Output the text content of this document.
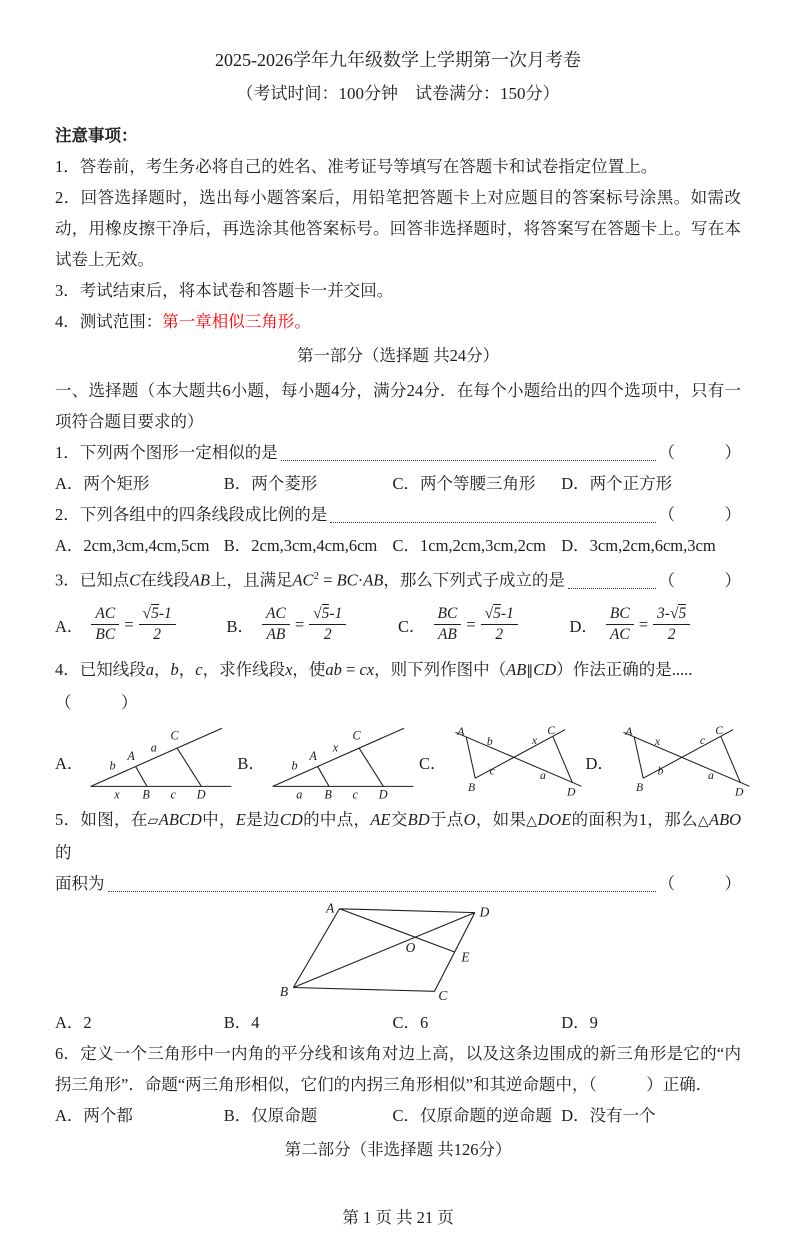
2025-2026学年九年级数学上学期第一次月考卷
（考试时间：100分钟　试卷满分：150分）
注意事项：
1．答卷前，考生务必将自己的姓名、准考证号等填写在答题卡和试卷指定位置上。
2．回答选择题时，选出每小题答案后，用铅笔把答题卡上对应题目的答案标号涂黑。如需改动，用橡皮擦干净后，再选涂其他答案标号。回答非选择题时，将答案写在答题卡上。写在本试卷上无效。
3．考试结束后，将本试卷和答题卡一并交回。
4．测试范围：第一章相似三角形。
第一部分（选择题 共24分）
一、选择题（本大题共6小题，每小题4分，满分24分．在每个小题给出的四个选项中，只有一项符合题目要求的）
1．下列两个图形一定相似的是	（　　　）
A．两个矩形	B．两个菱形	C．两个等腰三角形	D．两个正方形
2．下列各组中的四条线段成比例的是	（　　　）
A．2cm,3cm,4cm,5cm B．2cm,3cm,4cm,6cm C．1cm,2cm,3cm,2cm D．3cm,2cm,6cm,3cm
3．已知点C在线段AB上，且满足$AC^2 = BC\cdot AB$，那么下列式子成立的是	（　　　）
A． $\frac{AC}{BC} = \frac{√5-1}{2}$	B． $\frac{AC}{AB} = \frac{√5-1}{2}$	C． $\frac{BC}{AB} = \frac{√5-1}{2}$	D． $\frac{BC}{AC} = \frac{3-√5}{2}$
4．已知线段a，b，c，求作线段x，使ab = cx，则下列作图中（AB∥CD）作法正确的是.....（　　　）
A． b
A
a
C
x B c D
B． b
A
x
C
a B c D
C．
A	C
B	D
b	x
c	a
D．
A	C
B	D
x	c
b	a
5．如图，在▱ABCD中，E是边CD的中点，AE交BD于点O，如果△DOE的面积为1，那么△ABO的
面积为	（　　　）
A	D
B	C
E
O
A．2	B．4	C．6	D．9
6．定义一个三角形中一内角的平分线和该角对边上高，以及这条边围成的新三角形是它的“内拐三角形”．命题“两三角形相似，它们的内拐三角形相似”和其逆命题中，（　　　）正确．
A．两个都	B．仅原命题	C．仅原命题的逆命题 D．没有一个
第二部分（非选择题 共126分）
第 1 页 共 21 页
